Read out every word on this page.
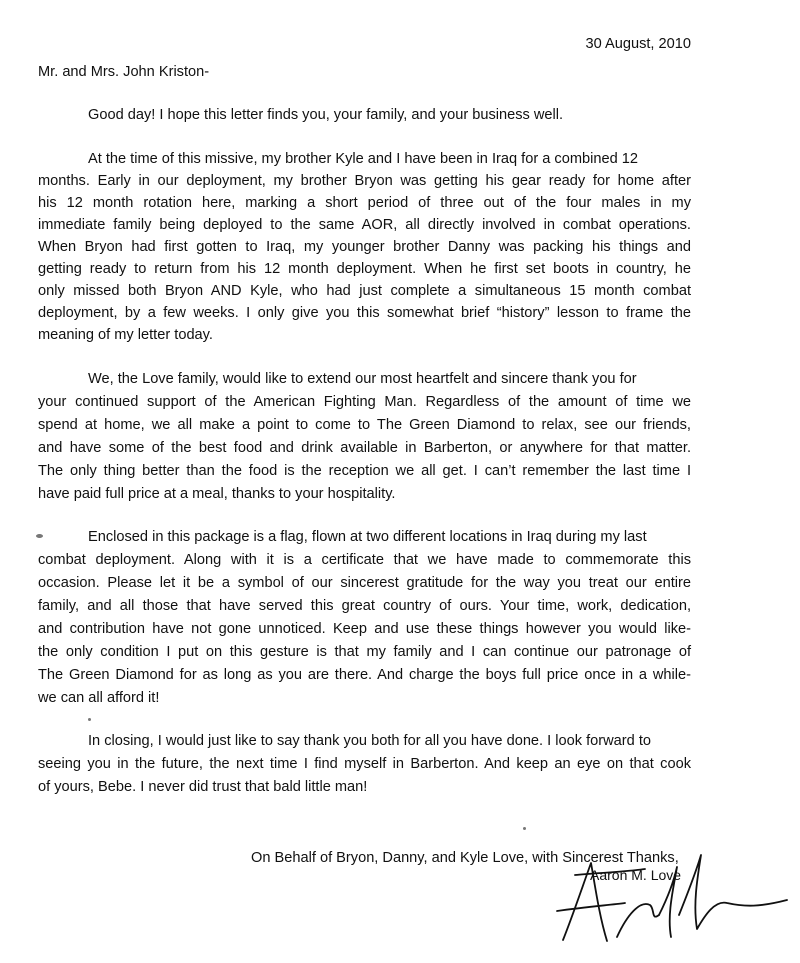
30 August, 2010
Mr. and Mrs. John Kriston-
Good day! I hope this letter finds you, your family, and your business well.
At the time of this missive, my brother Kyle and I have been in Iraq for a combined 12
months. Early in our deployment, my brother Bryon was getting his gear ready for home after
his 12 month rotation here, marking a short period of three out of the four males in my
immediate family being deployed to the same AOR, all directly involved in combat operations.
When Bryon had first gotten to Iraq, my younger brother Danny was packing his things and
getting ready to return from his 12 month deployment. When he first set boots in country, he
only missed both Bryon AND Kyle, who had just complete a simultaneous 15 month combat
deployment, by a few weeks. I only give you this somewhat brief “history” lesson to frame the
meaning of my letter today.
We, the Love family, would like to extend our most heartfelt and sincere thank you for
your continued support of the American Fighting Man. Regardless of the amount of time we
spend at home, we all make a point to come to The Green Diamond to relax, see our friends,
and have some of the best food and drink available in Barberton, or anywhere for that matter.
The only thing better than the food is the reception we all get. I can’t remember the last time I
have paid full price at a meal, thanks to your hospitality.
Enclosed in this package is a flag, flown at two different locations in Iraq during my last
combat deployment. Along with it is a certificate that we have made to commemorate this
occasion. Please let it be a symbol of our sincerest gratitude for the way you treat our entire
family, and all those that have served this great country of ours. Your time, work, dedication,
and contribution have not gone unnoticed. Keep and use these things however you would like-
the only condition I put on this gesture is that my family and I can continue our patronage of
The Green Diamond for as long as you are there. And charge the boys full price once in a while-
we can all afford it!
In closing, I would just like to say thank you both for all you have done. I look forward to
seeing you in the future, the next time I find myself in Barberton. And keep an eye on that cook
of yours, Bebe. I never did trust that bald little man!
On Behalf of Bryon, Danny, and Kyle Love, with Sincerest Thanks,
Aaron M. Love
